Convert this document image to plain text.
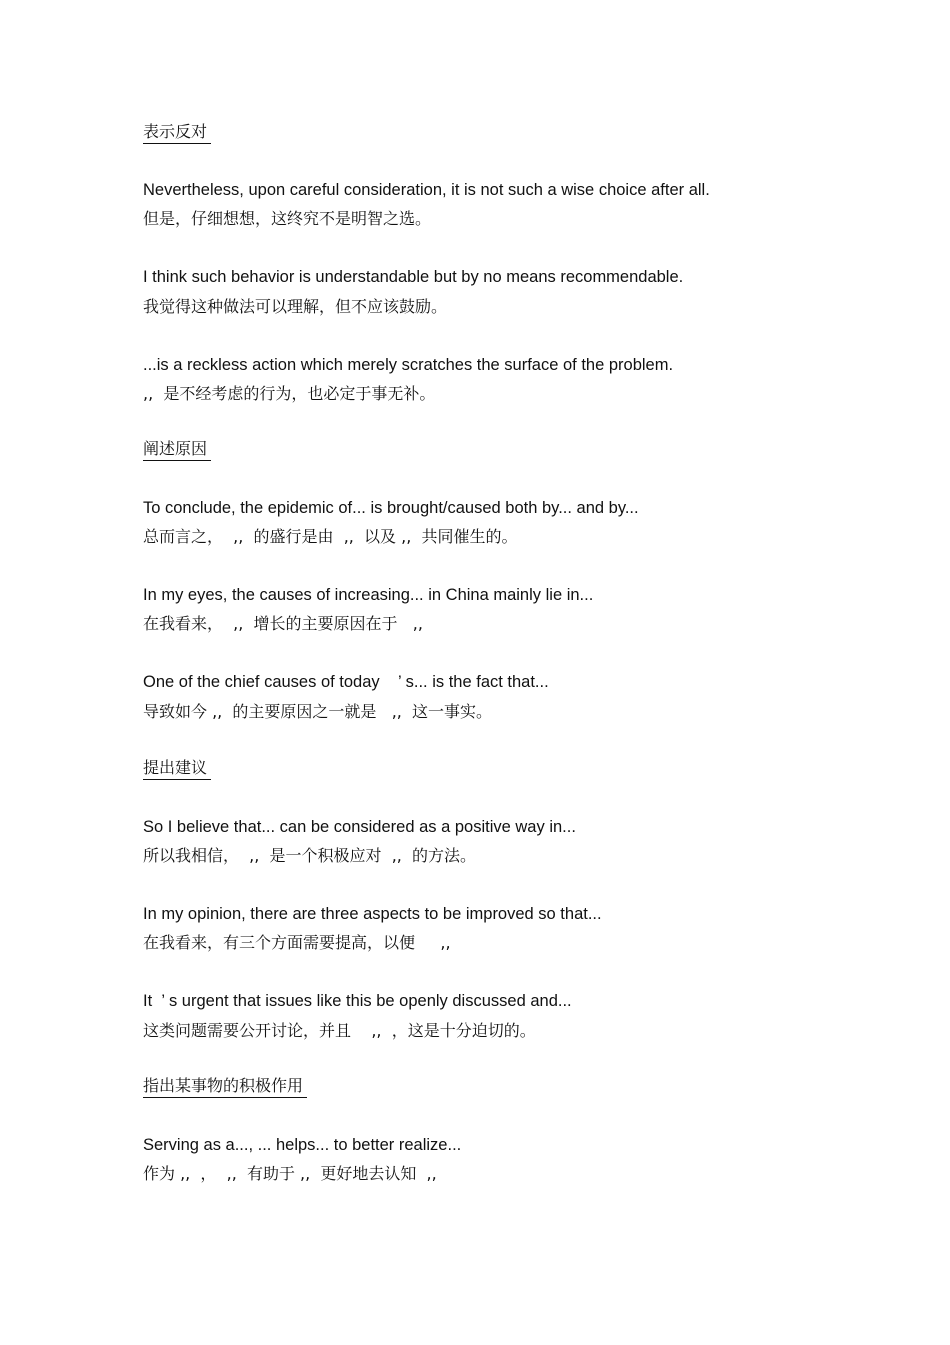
表示反对
Nevertheless, upon careful consideration, it is not such a wise choice after all.
但是，仔细想想，这终究不是明智之选。
I think such behavior is understandable but by no means recommendable.
我觉得这种做法可以理解，但不应该鼓励。
...is a reckless action which merely scratches the surface of the problem.
,,  是不经考虑的行为，也必定于事无补。
阐述原因
To conclude, the epidemic of... is brought/caused both by... and by...
总而言之，  ,,  的盛行是由  ,,  以及 ,,  共同催生的。
In my eyes, the causes of increasing... in China mainly lie in...
在我看来，  ,,  增长的主要原因在于   ,,
One of the chief causes of today    ’ s... is the fact that...
导致如今 ,,  的主要原因之一就是   ,,  这一事实。
提出建议
So I believe that... can be considered as a positive way in...
所以我相信，  ,,  是一个积极应对  ,,  的方法。
In my opinion, there are three aspects to be improved so that...
在我看来，有三个方面需要提高，以便     ,,
It  ’ s urgent that issues like this be openly discussed and...
这类问题需要公开讨论，并且    ,,  ，这是十分迫切的。
指出某事物的积极作用
Serving as a..., ... helps... to better realize...
作为 ,,  ，  ,,  有助于 ,,  更好地去认知  ,,
